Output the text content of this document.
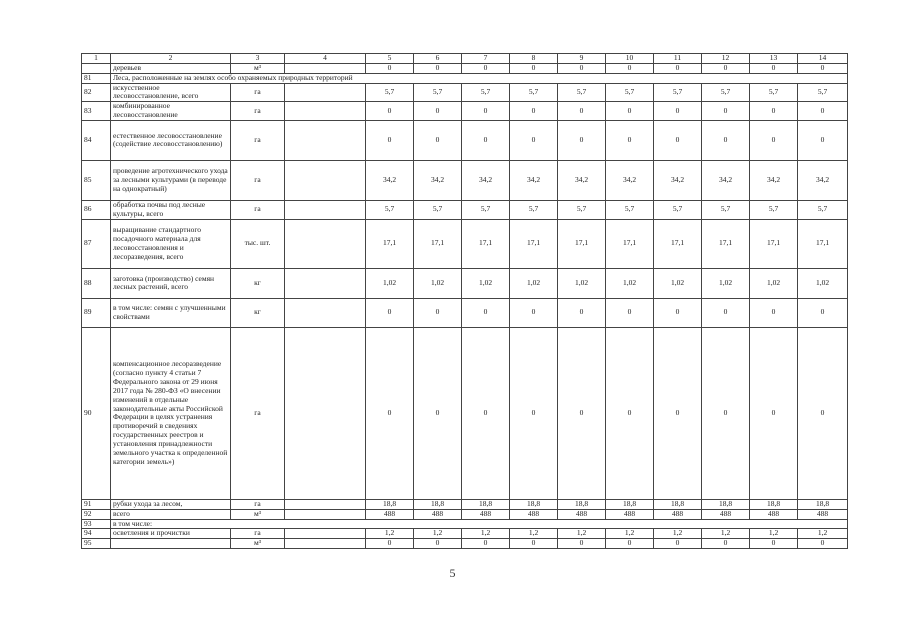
1	2	3	4	5	6	7	8	9	10	11	12	13	14
	деревьев	м³		0	0	0	0	0	0	0	0	0	0
81	Леса, расположенные на землях особо охраняемых природных территорий												
82	искусственное лесовосстановление, всего	га		5,7	5,7	5,7	5,7	5,7	5,7	5,7	5,7	5,7	5,7
83	комбинированное лесовосстановление	га		0	0	0	0	0	0	0	0	0	0
84	естественное лесовосстановление (содействие лесовосстановлению)	га		0	0	0	0	0	0	0	0	0	0
85	проведение агротехнического ухода за лесными культурами (в переводе на однократный)	га		34,2	34,2	34,2	34,2	34,2	34,2	34,2	34,2	34,2	34,2
86	обработка почвы под лесные культуры, всего	га		5,7	5,7	5,7	5,7	5,7	5,7	5,7	5,7	5,7	5,7
87	выращивание стандартного посадочного материала для лесовосстановления и лесоразведения, всего	тыс. шт.		17,1	17,1	17,1	17,1	17,1	17,1	17,1	17,1	17,1	17,1
88	заготовка (производство) семян лесных растений, всего	кг		1,02	1,02	1,02	1,02	1,02	1,02	1,02	1,02	1,02	1,02
89	в том числе: семян с улучшенными свойствами	кг		0	0	0	0	0	0	0	0	0	0
90	компенсационное лесоразведение (согласно пункту 4 статьи 7 Федерального закона от 29 июня 2017 года № 280-ФЗ «О внесении изменений в отдельные законодательные акты Российской Федерации в целях устранения противоречий в сведениях государственных реестров и установления принадлежности земельного участка к определенной категории земель»)	га		0	0	0	0	0	0	0	0	0	0
91	рубки ухода за лесом,	га		18,8	18,8	18,8	18,8	18,8	18,8	18,8	18,8	18,8	18,8
92	всего	м³		488	488	488	488	488	488	488	488	488	488
93	в том числе:												
94	осветления и прочистки	га		1,2	1,2	1,2	1,2	1,2	1,2	1,2	1,2	1,2	1,2
95		м³		0	0	0	0	0	0	0	0	0	0
5
